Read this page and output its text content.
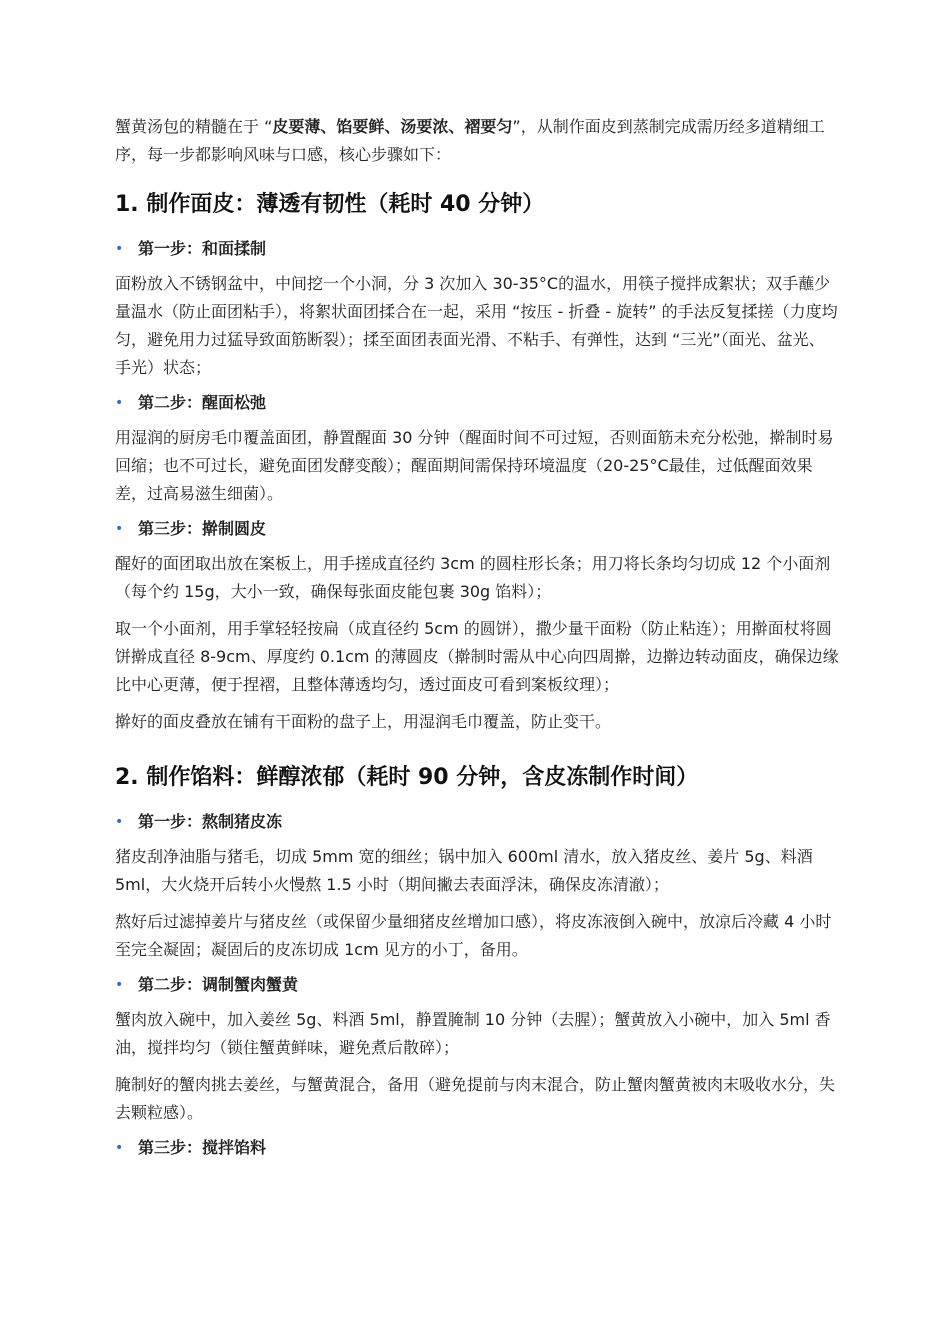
蟹黄汤包的精髓在于 “皮要薄、馅要鲜、汤要浓、褶要匀”，从制作面皮到蒸制完成需历经多道精细工序，每一步都影响风味与口感，核心步骤如下：

1. 制作面皮：薄透有韧性（耗时 40 分钟）
• 第一步：和面揉制

面粉放入不锈钢盆中，中间挖一个小洞，分 3 次加入 30-35°C的温水，用筷子搅拌成絮状；双手蘸少量温水（防止面团粘手），将絮状面团揉合在一起，采用 “按压 - 折叠 - 旋转” 的手法反复揉搓（力度均匀，避免用力过猛导致面筋断裂）；揉至面团表面光滑、不粘手、有弹性，达到 “三光”（面光、盆光、手光）状态；

• 第二步：醒面松弛

用湿润的厨房毛巾覆盖面团，静置醒面 30 分钟（醒面时间不可过短，否则面筋未充分松弛，擀制时易回缩；也不可过长，避免面团发酵变酸）；醒面期间需保持环境温度（20-25°C最佳，过低醒面效果差，过高易滋生细菌）。

• 第三步：擀制圆皮

醒好的面团取出放在案板上，用手搓成直径约 3cm 的圆柱形长条；用刀将长条均匀切成 12 个小面剂（每个约 15g，大小一致，确保每张面皮能包裹 30g 馅料）；

取一个小面剂，用手掌轻轻按扁（成直径约 5cm 的圆饼），撒少量干面粉（防止粘连）；用擀面杖将圆饼擀成直径 8-9cm、厚度约 0.1cm 的薄圆皮（擀制时需从中心向四周擀，边擀边转动面皮，确保边缘比中心更薄，便于捏褶，且整体薄透均匀，透过面皮可看到案板纹理）；

擀好的面皮叠放在铺有干面粉的盘子上，用湿润毛巾覆盖，防止变干。

2. 制作馅料：鲜醇浓郁（耗时 90 分钟，含皮冻制作时间）
• 第一步：熬制猪皮冻

猪皮刮净油脂与猪毛，切成 5mm 宽的细丝；锅中加入 600ml 清水，放入猪皮丝、姜片 5g、料酒 5ml，大火烧开后转小火慢熬 1.5 小时（期间撇去表面浮沫，确保皮冻清澈）；

熬好后过滤掉姜片与猪皮丝（或保留少量细猪皮丝增加口感），将皮冻液倒入碗中，放凉后冷藏 4 小时至完全凝固；凝固后的皮冻切成 1cm 见方的小丁，备用。

• 第二步：调制蟹肉蟹黄

蟹肉放入碗中，加入姜丝 5g、料酒 5ml，静置腌制 10 分钟（去腥）；蟹黄放入小碗中，加入 5ml 香油，搅拌均匀（锁住蟹黄鲜味，避免煮后散碎）；

腌制好的蟹肉挑去姜丝，与蟹黄混合，备用（避免提前与肉末混合，防止蟹肉蟹黄被肉末吸收水分，失去颗粒感）。

• 第三步：搅拌馅料
